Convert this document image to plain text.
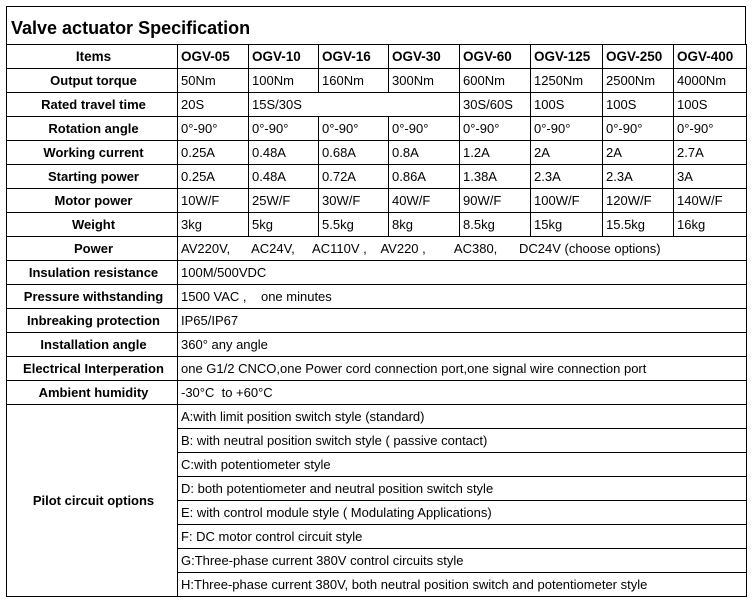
Valve actuator Specification
Items	OGV-05	OGV-10	OGV-16	OGV-30	OGV-60	OGV-125	OGV-250	OGV-400
Output torque	50Nm	100Nm	160Nm	300Nm	600Nm	1250Nm	2500Nm	4000Nm
Rated travel time	20S	15S/30S			30S/60S	100S	100S	100S
Rotation angle	0°-90°	0°-90°	0°-90°	0°-90°	0°-90°	0°-90°	0°-90°	0°-90°
Working current	0.25A	0.48A	0.68A	0.8A	1.2A	2A	2A	2.7A
Starting power	0.25A	0.48A	0.72A	0.86A	1.38A	2.3A	2.3A	3A
Motor power	10W/F	25W/F	30W/F	40W/F	90W/F	100W/F	120W/F	140W/F
Weight	3kg	5kg	5.5kg	8kg	8.5kg	15kg	15.5kg	16kg
Power	AV220V,      AC24V,     AC110V ,    AV220 ,        AC380,      DC24V (choose options)							
Insulation resistance	100M/500VDC							
Pressure withstanding	1500 VAC ,    one minutes							
Inbreaking protection	IP65/IP67							
Installation angle	360° any angle							
Electrical Interperation	one G1/2 CNCO,one Power cord connection port,one signal wire connection port							
Ambient humidity	-30°C  to +60°C							
Pilot circuit options	A:with limit position switch style (standard)							
	B: with neutral position switch style ( passive contact)							
	C:with potentiometer style							
	D: both potentiometer and neutral position switch style							
	E: with control module style ( Modulating Applications)							
	F: DC motor control circuit style							
	G:Three-phase current 380V control circuits style							
	H:Three-phase current 380V, both neutral position switch and potentiometer style							
